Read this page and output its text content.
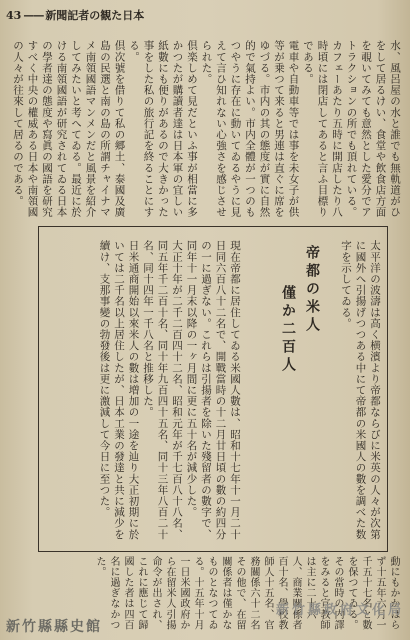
43 —— 新聞記者の観た日本

水、風呂屋の水と誰でも無軌道がひをして居るけい、食堂や飲食店方面を覗いてみても意然とした愛分でアトラクションの所でも頂れている。カフェーあたり五時に開店したり八時頃には閉店してあると言ふ目標りである。

電車や自動車等では事を未女子が供等が乗つて来ると男連は直ぐに席をゆづる。市内の其の態度が實に自然的で氣持よい。市内全體が一つのもつやうに存在に動いてゐるやうに見えて言ひ知れない心強さを感じさせられた。

倶楽しめて見だといふ事が相當に多かつたが購讀者達は日本軍の宜しい紙數にも便りがあるので大きかった事をした私の旅行記を終ることにする。

倶次號を借りて私の郷土、泰國及廣島の民選と南の島の所謂チャイナマメ南領國語マンメンだと風景を紹介してみたいと考へてゐる。最近に於ける南領國語が研究されてゐる日本の學者達の態度や寫眞の國語を研究すべく中央の權威ある日本や南領國の人々が往來して居るのである。

太平洋の波濤は高く横濱より帝都ならびに米英の人々が次第に國外へ引揚げつつある中にて帝都の米國人の數を調べた数字を示してゐる。

帝都の米人
僅か二百人

現在帝都に居住してゐる米國人數は、昭和十七年十一月二十日同六百八十二名で、開戰當時の十二月廿日頃の數の約四分の一に過ぎない。これらは引揚者を除いた殘留者の數字で、同年十一月末以降の一ヶ月間に更に五十名が減少した。

大正十年が二千二百四十二名、昭和元年が千七百八十八名、同五年千二百十名、同十年九百四十五名、同十三年八百二十名、同十四年一千八名と推移した。

日米通商開始以來米人の數は増加の一途を辿り大正初期に於いては二千名以上居住したが、日本工業の發達と共に減少を續け、支那事變の勃發後は更に激減して今日に至つた。

動にもかかはらず十五年六月一千五十七名と數を保つてゐる。その當時の内譯をみると宣教師は主に二十六人、商業關係者百十名、學校教師人十五名、官務關係六十二名その他で、在留關係者は僅かなものとなつてゐる。十五年十月一日米國政府から在留米人引揚命令が出され、これに應じて歸國した者は四百名に過ぎなかつた。

新竹縣縣史館
新竹縣政府文化局
